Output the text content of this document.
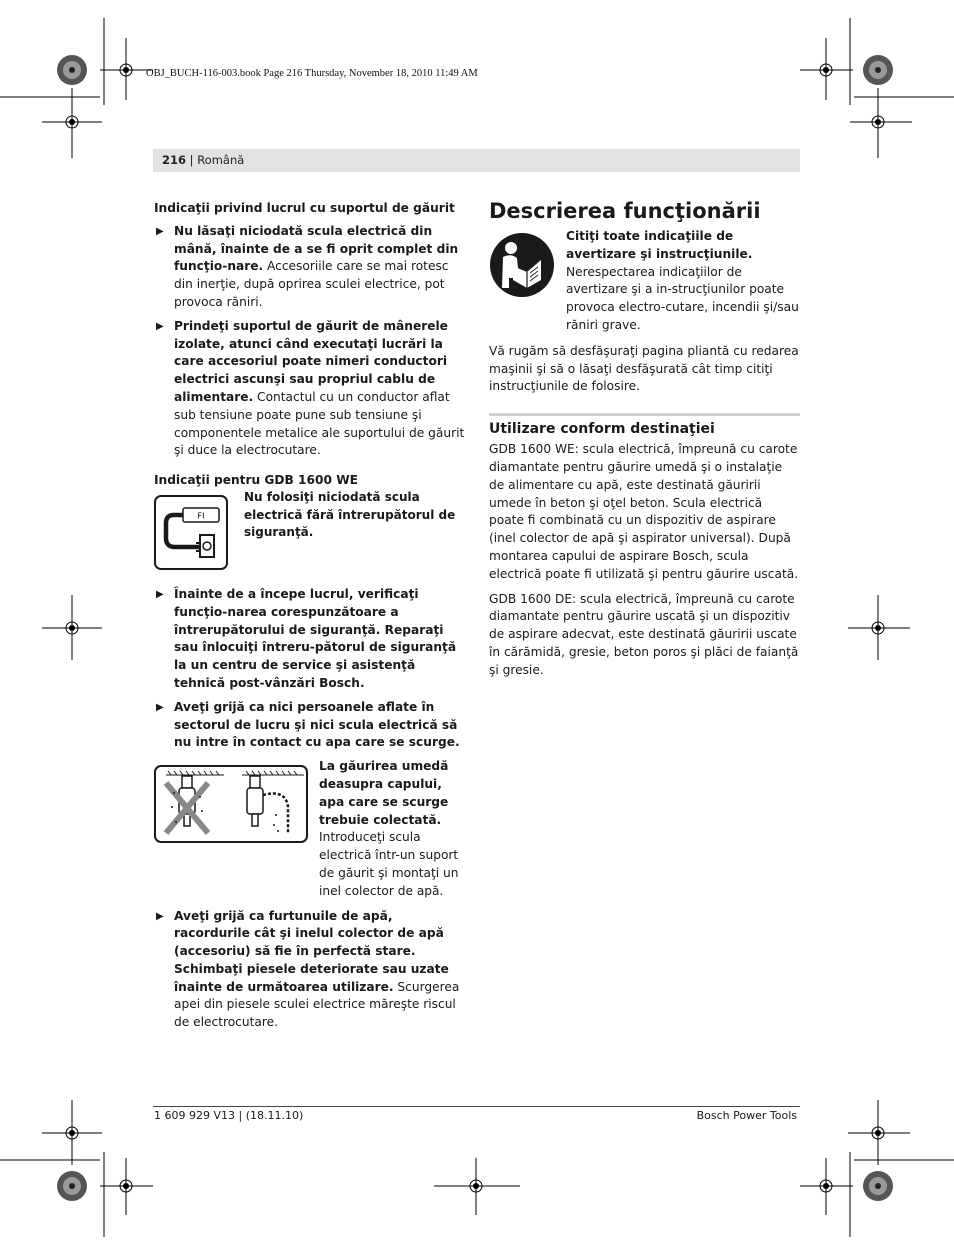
OBJ_BUCH-116-003.book Page 216 Thursday, November 18, 2010 11:49 AM
216 | Română

Indicaţii privind lucrul cu suportul de găurit

▶ Nu lăsaţi niciodată scula electrică din mână, înainte de a se fi oprit complet din funcţio-nare. Accesoriile care se mai rotesc din inerţie, după oprirea sculei electrice, pot provoca răniri.
▶ Prindeţi suportul de găurit de mânerele izolate, atunci când executaţi lucrări la care accesoriul poate nimeri conductori electrici ascunşi sau propriul cablu de alimentare. Contactul cu un conductor aflat sub tensiune poate pune sub tensiune şi componentele metalice ale suportului de găurit şi duce la electrocutare.

Indicaţii pentru GDB 1600 WE

FI
Nu folosiţi niciodată scula electrică fără întrerupătorul de siguranţă.
▶ Înainte de a începe lucrul, verificaţi funcţio-narea corespunzătoare a întrerupătorului de siguranţă. Reparaţi sau înlocuiţi întreru-pătorul de siguranţă la un centru de service şi asistenţă tehnică post-vânzări Bosch.
▶ Aveţi grijă ca nici persoanele aflate în sectorul de lucru şi nici scula electrică să nu intre în contact cu apa care se scurge.
La găurirea umedă deasupra capului, apa care se scurge trebuie colectată. Introduceţi scula electrică într-un suport de găurit şi montaţi un inel colector de apă.
▶ Aveţi grijă ca furtunuile de apă, racordurile cât şi inelul colector de apă (accesoriu) să fie în perfectă stare. Schimbaţi piesele deteriorate sau uzate înainte de următoarea utilizare. Scurgerea apei din piesele sculei electrice măreşte riscul de electrocutare.
Descrierea funcţionării
Citiţi toate indicaţiile de avertizare şi instrucţiunile. Nerespectarea indicaţiilor de avertizare şi a in-strucţiunilor poate provoca electro-cutare, incendii şi/sau răniri grave.

Vă rugăm să desfăşuraţi pagina pliantă cu redarea maşinii şi să o lăsaţi desfăşurată cât timp citiţi instrucţiunile de folosire.

Utilizare conform destinaţiei

GDB 1600 WE: scula electrică, împreună cu carote diamantate pentru găurire umedă şi o instalaţie de alimentare cu apă, este destinată găuririi umede în beton şi oţel beton. Scula electrică poate fi combinată cu un dispozitiv de aspirare (inel colector de apă şi aspirator universal). După montarea capului de aspirare Bosch, scula electrică poate fi utilizată şi pentru găurire uscată.

GDB 1600 DE: scula electrică, împreună cu carote diamantate pentru găurire uscată şi un dispozitiv de aspirare adecvat, este destinată găuririi uscate în cărămidă, gresie, beton poros şi plăci de faianţă şi gresie.

1 609 929 V13 | (18.11.10)	Bosch Power Tools
